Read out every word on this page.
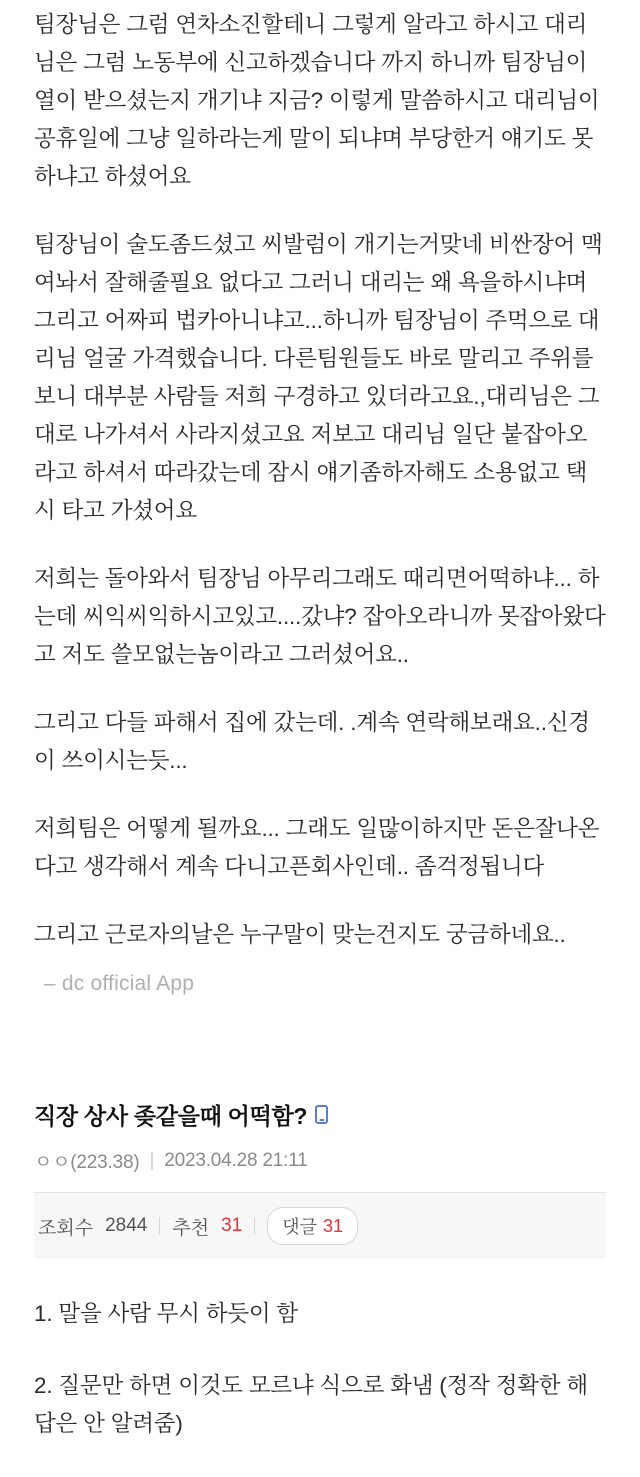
팀장님은 그럼 연차소진할테니 그렇게 알라고 하시고 대리님은 그럼 노동부에 신고하겠습니다 까지 하니까 팀장님이 열이 받으셨는지 개기냐 지금? 이렇게 말씀하시고 대리님이 공휴일에 그냥 일하라는게 말이 되냐며 부당한거 얘기도 못하냐고 하셨어요

팀장님이 술도좀드셨고 씨발럼이 개기는거맞네 비싼장어 맥여놔서 잘해줄필요 없다고 그러니 대리는 왜 욕을하시냐며 그리고 어짜피 법카아니냐고...하니까 팀장님이 주먹으로 대리님 얼굴 가격했습니다. 다른팀원들도 바로 말리고 주위를 보니 대부분 사람들 저희 구경하고 있더라고요.,대리님은 그대로 나가셔서 사라지셨고요 저보고 대리님 일단 붙잡아오라고 하셔서 따라갔는데 잠시 얘기좀하자해도 소용없고 택시 타고 가셨어요

저희는 돌아와서 팀장님 아무리그래도 때리면어떡하냐... 하는데 씨익씨익하시고있고....갔냐? 잡아오라니까 못잡아왔다고 저도 쓸모없는놈이라고 그러셨어요..

그리고 다들 파해서 집에 갔는데. .계속 연락해보래요..신경이 쓰이시는듯...

저희팀은 어떻게 될까요... 그래도 일많이하지만 돈은잘나온다고 생각해서 계속 다니고픈회사인데.. 좀걱정됩니다

그리고 근로자의날은 누구말이 맞는건지도 궁금하네요..

– dc official App
직장 상사 좆같을때 어떡함?
ㅇㅇ(223.38) | 2023.04.28 21:11
조회수 2844 추천 31 댓글 31

1. 말을 사람 무시 하듯이 함

2. 질문만 하면 이것도 모르냐 식으로 화냄 (정작 정확한 해답은 안 알려줌)
